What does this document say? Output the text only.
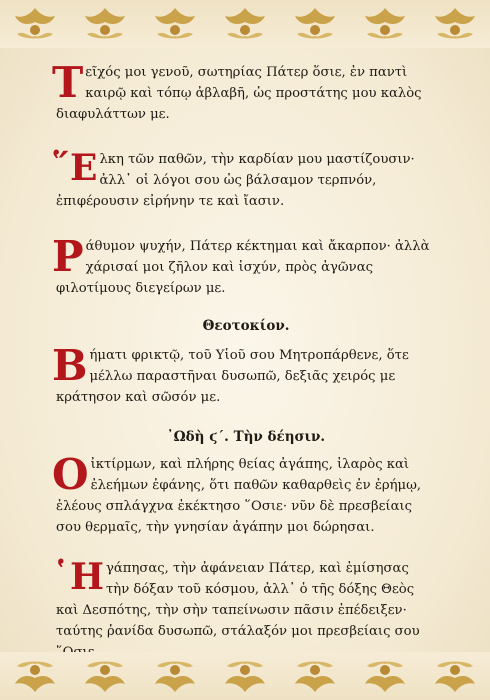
Τεῖχός μοι γενοῦ, σωτηρίας Πάτερ ὅσιε, ἐν παντὶ καιρῷ καὶ τόπῳ ἀβλαβῆ, ὡς προστάτης μου καλὸς διαφυλάττων με.

῞Ε λκη τῶν παθῶν, τὴν καρδίαν μου μαστίζουσιν· ἀλλ᾽ οἱ λόγοι σου ὡς βάλσαμον τερπνόν, ἐπιφέρουσιν εἰρήνην τε καὶ ἴασιν.

Ράθυμον ψυχήν, Πάτερ κέκτημαι καὶ ἄκαρπον· ἀλλὰ χάρισαί μοι ζῆλον καὶ ἰσχύν, πρὸς ἀγῶνας φιλοτίμους διεγείρων με.

Θεοτοκίον.

Βήματι φρικτῷ, τοῦ Υἱοῦ σου Μητροπάρθενε, ὅτε μέλλω παραστῆναι δυσωπῶ, δεξιᾶς χειρός με κράτησον καὶ σῶσόν με.

᾿Ωδὴ ϛ΄. Τὴν δέησιν.

Οἰκτίρμων, καὶ πλήρης θείας ἀγάπης, ἱλαρὸς καὶ ἐλεήμων ἐφάνης, ὅτι παθῶν καθαρθεὶς ἐν ἐρήμῳ, ἐλέους σπλάγχνα ἐκέκτησο ῞Οσιε· νῦν δὲ πρεσβείαις σου θερμαῖς, τὴν γνησίαν ἀγάπην μοι δώρησαι.

῾Η γάπησας, τὴν ἀφάνειαν Πάτερ, καὶ ἐμίσησας τὴν δόξαν τοῦ κόσμου, ἀλλ᾽ ὁ τῆς δόξης Θεὸς καὶ Δεσπότης, τὴν σὴν ταπείνωσιν πᾶσιν ἐπέδειξεν· ταύτης ῥανίδα δυσωπῶ, στάλαξόν μοι πρεσβείαις σου
